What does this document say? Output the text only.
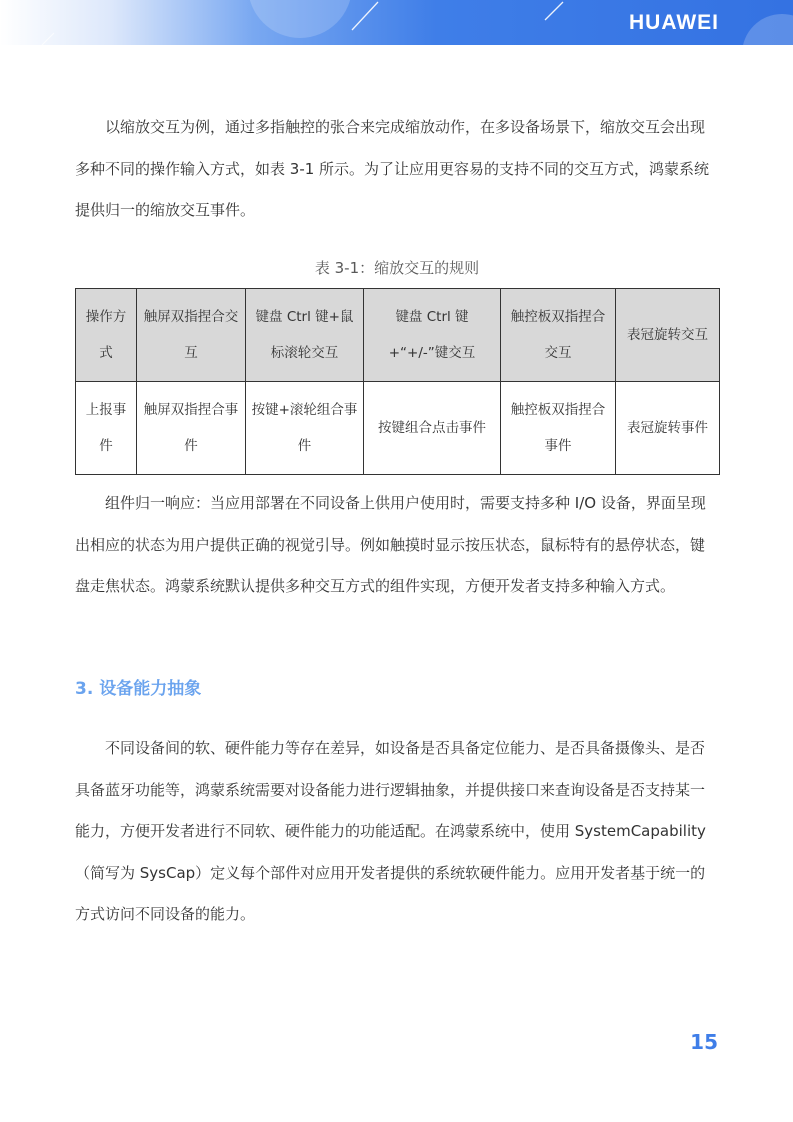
HUAWEI

　　以缩放交互为例，通过多指触控的张合来完成缩放动作，在多设备场景下，缩放交互会出现多种不同的操作输入方式，如表 3-1 所示。为了让应用更容易的支持不同的交互方式，鸿蒙系统提供归一的缩放交互事件。

表 3-1：缩放交互的规则

操作方式	触屏双指捏合交互	键盘 Ctrl 键+鼠标滚轮交互	键盘 Ctrl 键+“+/-”键交互	触控板双指捏合交互	表冠旋转交互
上报事件	触屏双指捏合事件	按键+滚轮组合事件	按键组合点击事件	触控板双指捏合事件	表冠旋转事件

　　组件归一响应：当应用部署在不同设备上供用户使用时，需要支持多种 I/O 设备，界面呈现出相应的状态为用户提供正确的视觉引导。例如触摸时显示按压状态，鼠标特有的悬停状态，键盘走焦状态。鸿蒙系统默认提供多种交互方式的组件实现，方便开发者支持多种输入方式。

3. 设备能力抽象

　　不同设备间的软、硬件能力等存在差异，如设备是否具备定位能力、是否具备摄像头、是否具备蓝牙功能等，鸿蒙系统需要对设备能力进行逻辑抽象，并提供接口来查询设备是否支持某一能力，方便开发者进行不同软、硬件能力的功能适配。在鸿蒙系统中，使用 SystemCapability（简写为 SysCap）定义每个部件对应用开发者提供的系统软硬件能力。应用开发者基于统一的方式访问不同设备的能力。

15
